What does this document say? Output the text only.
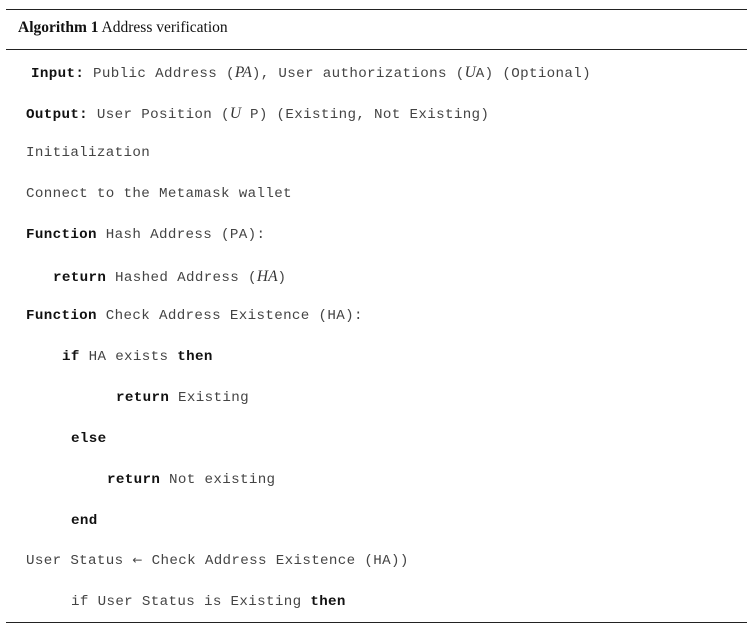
Algorithm 1 Address verification
Input: Public Address (PA), User authorizations (UA) (Optional)
Output: User Position (U P) (Existing, Not Existing)
Initialization
Connect to the Metamask wallet
Function Hash Address (PA):
return Hashed Address (HA)
Function Check Address Existence (HA):
if HA exists then
return Existing
else
return Not existing
end
User Status ← Check Address Existence (HA))
if User Status is Existing then
